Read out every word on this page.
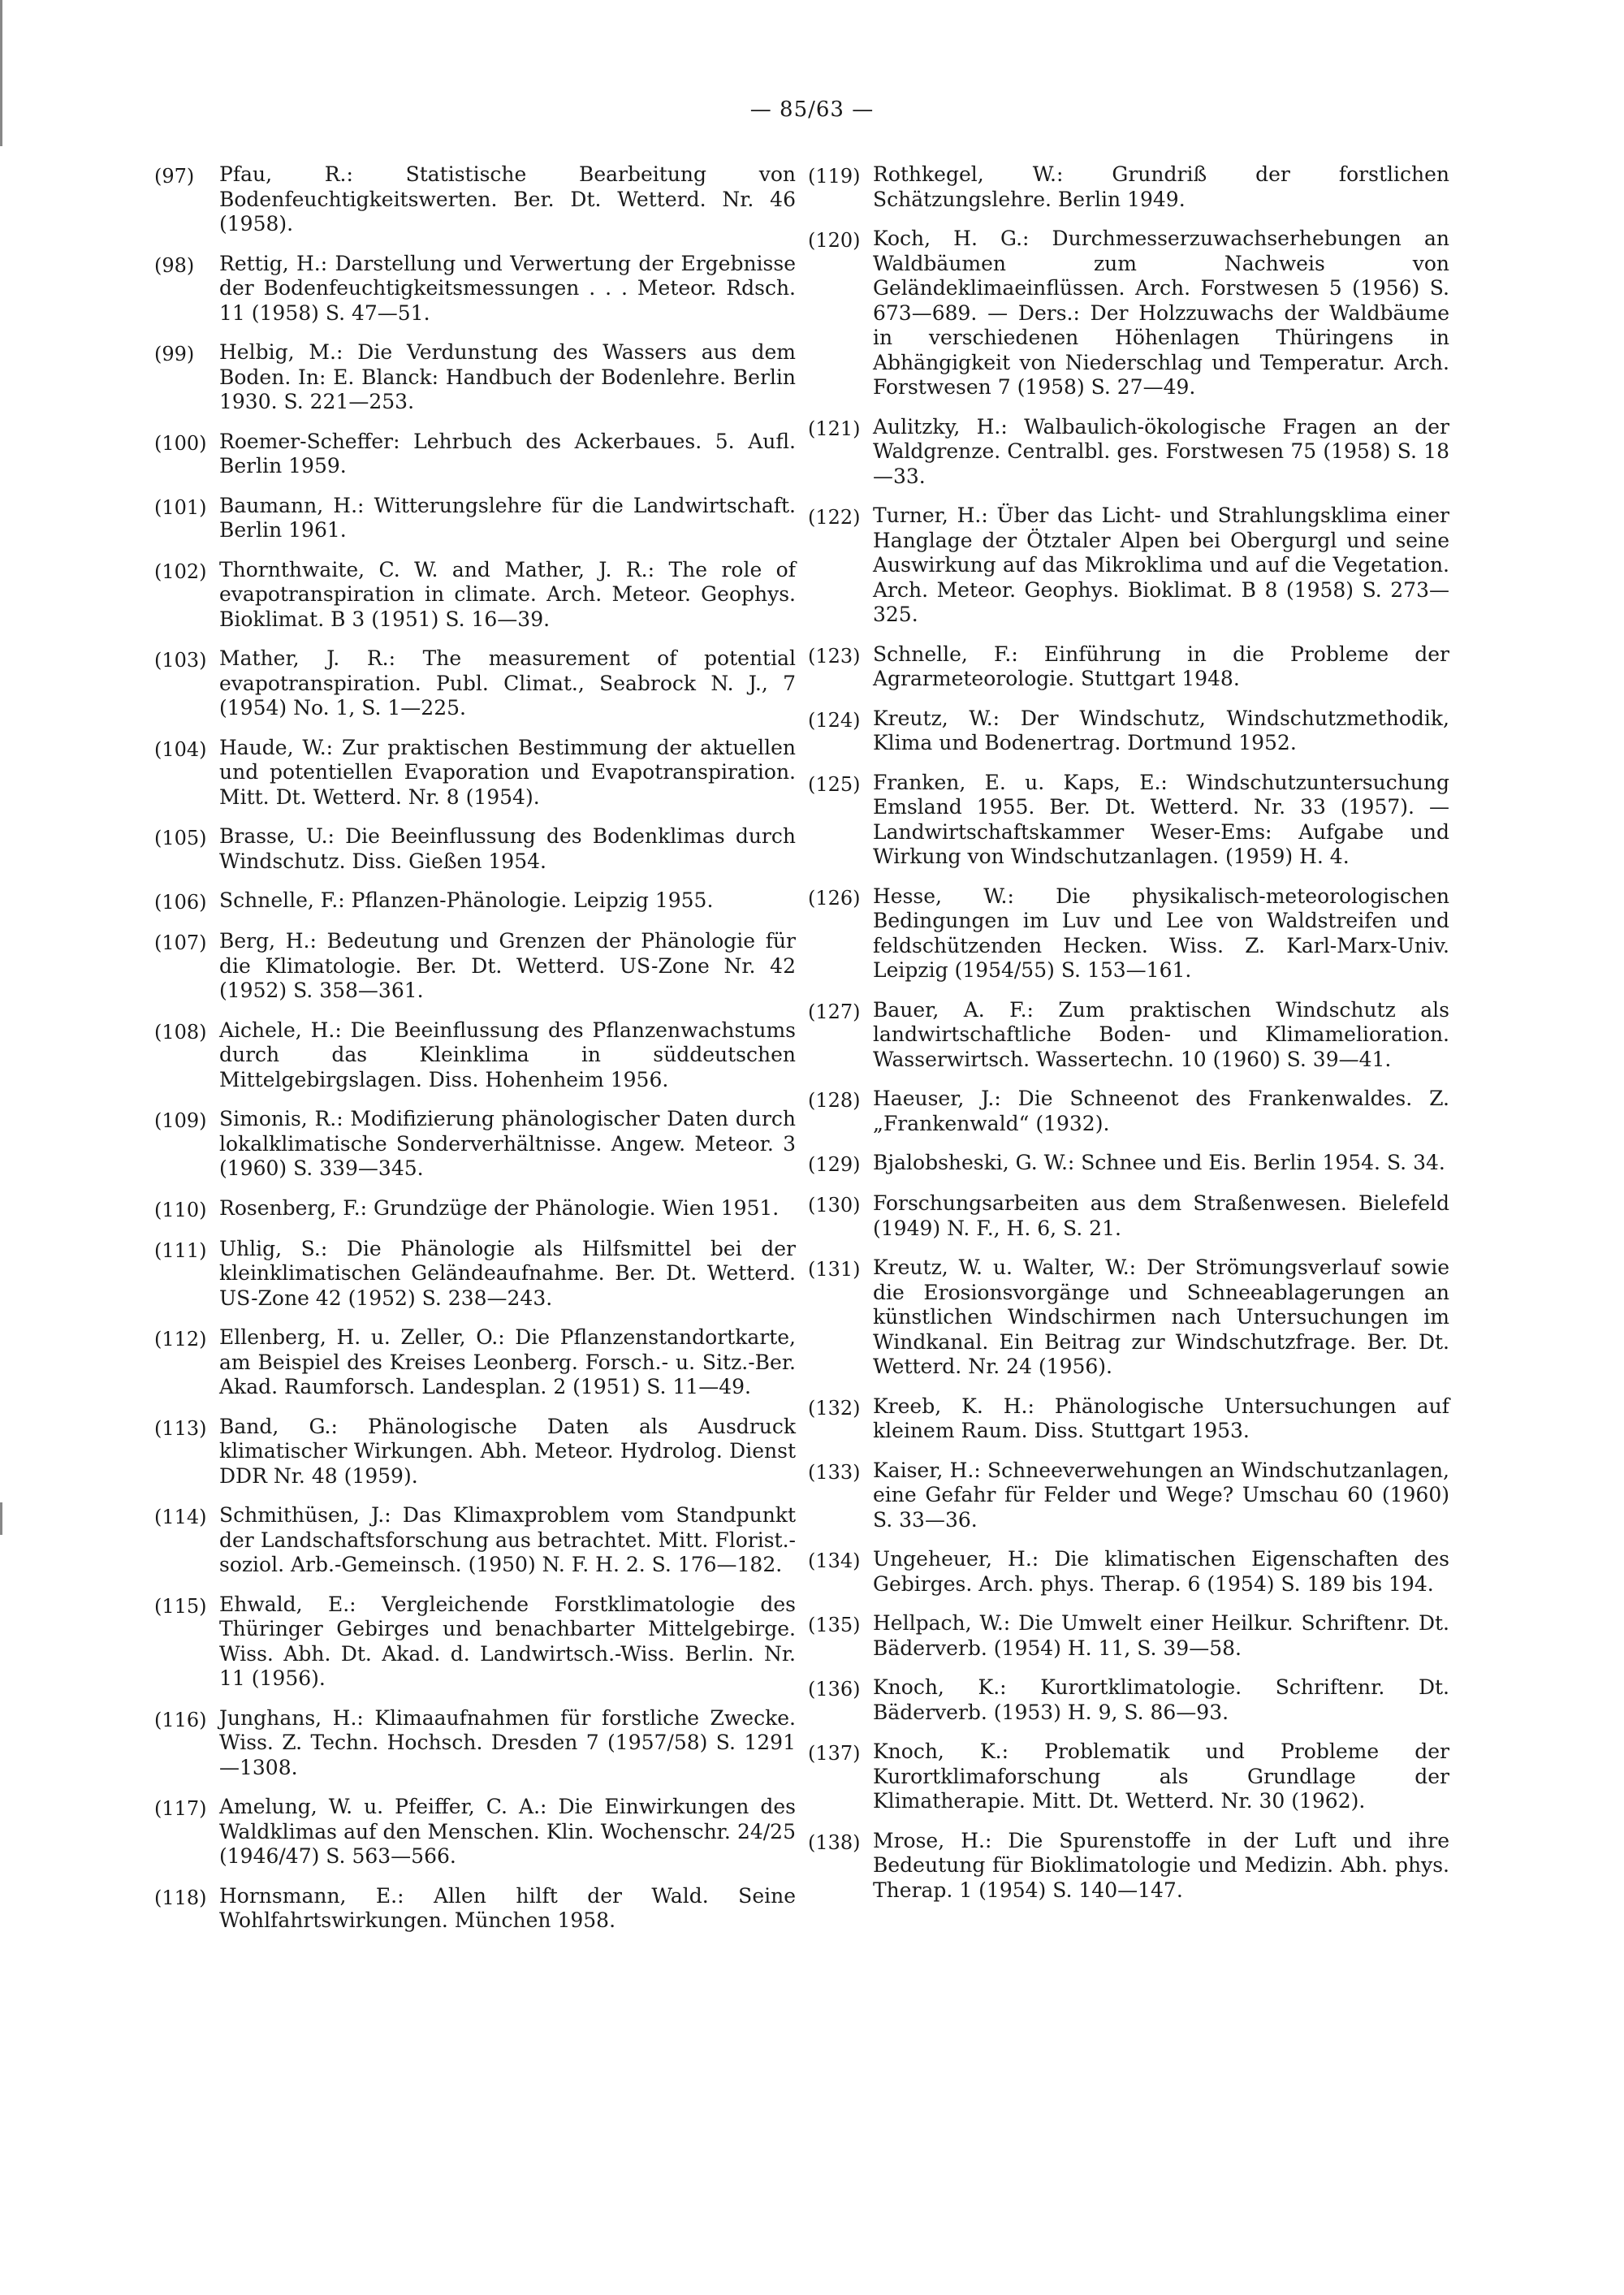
— 85/63 —
(97)	Pfau, R.: Statistische Bearbeitung von Bodenfeuchtigkeitswerten. Ber. Dt. Wetterd. Nr. 46 (1958).
(98)	Rettig, H.: Darstellung und Verwertung der Ergebnisse der Bodenfeuchtigkeitsmessungen . . . Meteor. Rdsch. 11 (1958) S. 47—51.
(99)	Helbig, M.: Die Verdunstung des Wassers aus dem Boden. In: E. Blanck: Handbuch der Bodenlehre. Berlin 1930. S. 221—253.
(100) Roemer-Scheffer: Lehrbuch des Ackerbaues. 5. Aufl. Berlin 1959.
(101) Baumann, H.: Witterungslehre für die Landwirtschaft. Berlin 1961.
(102) Thornthwaite, C. W. and Mather, J. R.: The role of evapotranspiration in climate. Arch. Meteor. Geophys. Bioklimat. B 3 (1951) S. 16—39.
(103) Mather, J. R.: The measurement of potential evapotranspiration. Publ. Climat., Seabrock N. J., 7 (1954) No. 1, S. 1—225.
(104) Haude, W.: Zur praktischen Bestimmung der aktuellen und potentiellen Evaporation und Evapotranspiration. Mitt. Dt. Wetterd. Nr. 8 (1954).
(105) Brasse, U.: Die Beeinflussung des Bodenklimas durch Windschutz. Diss. Gießen 1954.
(106) Schnelle, F.: Pflanzen-Phänologie. Leipzig 1955.
(107) Berg, H.: Bedeutung und Grenzen der Phänologie für die Klimatologie. Ber. Dt. Wetterd. US-Zone Nr. 42 (1952) S. 358—361.
(108) Aichele, H.: Die Beeinflussung des Pflanzenwachstums durch das Kleinklima in süddeutschen Mittelgebirgslagen. Diss. Hohenheim 1956.
(109) Simonis, R.: Modifizierung phänologischer Daten durch lokalklimatische Sonderverhältnisse. Angew. Meteor. 3 (1960) S. 339—345.
(110) Rosenberg, F.: Grundzüge der Phänologie. Wien 1951.
(111) Uhlig, S.: Die Phänologie als Hilfsmittel bei der kleinklimatischen Geländeaufnahme. Ber. Dt. Wetterd. US-Zone 42 (1952) S. 238—243.
(112) Ellenberg, H. u. Zeller, O.: Die Pflanzenstandortkarte, am Beispiel des Kreises Leonberg. Forsch.- u. Sitz.-Ber. Akad. Raumforsch. Landesplan. 2 (1951) S. 11—49.
(113) Band, G.: Phänologische Daten als Ausdruck klimatischer Wirkungen. Abh. Meteor. Hydrolog. Dienst DDR Nr. 48 (1959).
(114) Schmithüsen, J.: Das Klimaxproblem vom Standpunkt der Landschaftsforschung aus betrachtet. Mitt. Florist.-soziol. Arb.-Gemeinsch. (1950) N. F. H. 2. S. 176—182.
(115) Ehwald, E.: Vergleichende Forstklimatologie des Thüringer Gebirges und benachbarter Mittelgebirge. Wiss. Abh. Dt. Akad. d. Landwirtsch.-Wiss. Berlin. Nr. 11 (1956).
(116) Junghans, H.: Klimaaufnahmen für forstliche Zwecke. Wiss. Z. Techn. Hochsch. Dresden 7 (1957/58) S. 1291—1308.
(117) Amelung, W. u. Pfeiffer, C. A.: Die Einwirkungen des Waldklimas auf den Menschen. Klin. Wochenschr. 24/25 (1946/47) S. 563—566.
(118) Hornsmann, E.: Allen hilft der Wald. Seine Wohlfahrtswirkungen. München 1958.
(119) Rothkegel, W.: Grundriß der forstlichen Schätzungslehre. Berlin 1949.
(120) Koch, H. G.: Durchmesserzuwachserhebungen an Waldbäumen zum Nachweis von Geländeklimaeinflüssen. Arch. Forstwesen 5 (1956) S. 673—689. — Ders.: Der Holzzuwachs der Waldbäume in verschiedenen Höhenlagen Thüringens in Abhängigkeit von Niederschlag und Temperatur. Arch. Forstwesen 7 (1958) S. 27—49.
(121) Aulitzky, H.: Walbaulich-ökologische Fragen an der Waldgrenze. Centralbl. ges. Forstwesen 75 (1958) S. 18—33.
(122) Turner, H.: Über das Licht- und Strahlungsklima einer Hanglage der Ötztaler Alpen bei Obergurgl und seine Auswirkung auf das Mikroklima und auf die Vegetation. Arch. Meteor. Geophys. Bioklimat. B 8 (1958) S. 273—325.
(123) Schnelle, F.: Einführung in die Probleme der Agrarmeteorologie. Stuttgart 1948.
(124) Kreutz, W.: Der Windschutz, Windschutzmethodik, Klima und Bodenertrag. Dortmund 1952.
(125) Franken, E. u. Kaps, E.: Windschutzuntersuchung Emsland 1955. Ber. Dt. Wetterd. Nr. 33 (1957). — Landwirtschaftskammer Weser-Ems: Aufgabe und Wirkung von Windschutzanlagen. (1959) H. 4.
(126) Hesse, W.: Die physikalisch-meteorologischen Bedingungen im Luv und Lee von Waldstreifen und feldschützenden Hecken. Wiss. Z. Karl-Marx-Univ. Leipzig (1954/55) S. 153—161.
(127) Bauer, A. F.: Zum praktischen Windschutz als landwirtschaftliche Boden- und Klimamelioration. Wasserwirtsch. Wassertechn. 10 (1960) S. 39—41.
(128) Haeuser, J.: Die Schneenot des Frankenwaldes. Z. „Frankenwald“ (1932).
(129) Bjalobsheski, G. W.: Schnee und Eis. Berlin 1954. S. 34.
(130) Forschungsarbeiten aus dem Straßenwesen. Bielefeld (1949) N. F., H. 6, S. 21.
(131) Kreutz, W. u. Walter, W.: Der Strömungsverlauf sowie die Erosionsvorgänge und Schneeablagerungen an künstlichen Windschirmen nach Untersuchungen im Windkanal. Ein Beitrag zur Windschutzfrage. Ber. Dt. Wetterd. Nr. 24 (1956).
(132) Kreeb, K. H.: Phänologische Untersuchungen auf kleinem Raum. Diss. Stuttgart 1953.
(133) Kaiser, H.: Schneeverwehungen an Windschutzanlagen, eine Gefahr für Felder und Wege? Umschau 60 (1960) S. 33—36.
(134) Ungeheuer, H.: Die klimatischen Eigenschaften des Gebirges. Arch. phys. Therap. 6 (1954) S. 189 bis 194.
(135) Hellpach, W.: Die Umwelt einer Heilkur. Schriftenr. Dt. Bäderverb. (1954) H. 11, S. 39—58.
(136) Knoch, K.: Kurortklimatologie. Schriftenr. Dt. Bäderverb. (1953) H. 9, S. 86—93.
(137) Knoch, K.: Problematik und Probleme der Kurortklimaforschung als Grundlage der Klimatherapie. Mitt. Dt. Wetterd. Nr. 30 (1962).
(138) Mrose, H.: Die Spurenstoffe in der Luft und ihre Bedeutung für Bioklimatologie und Medizin. Abh. phys. Therap. 1 (1954) S. 140—147.
